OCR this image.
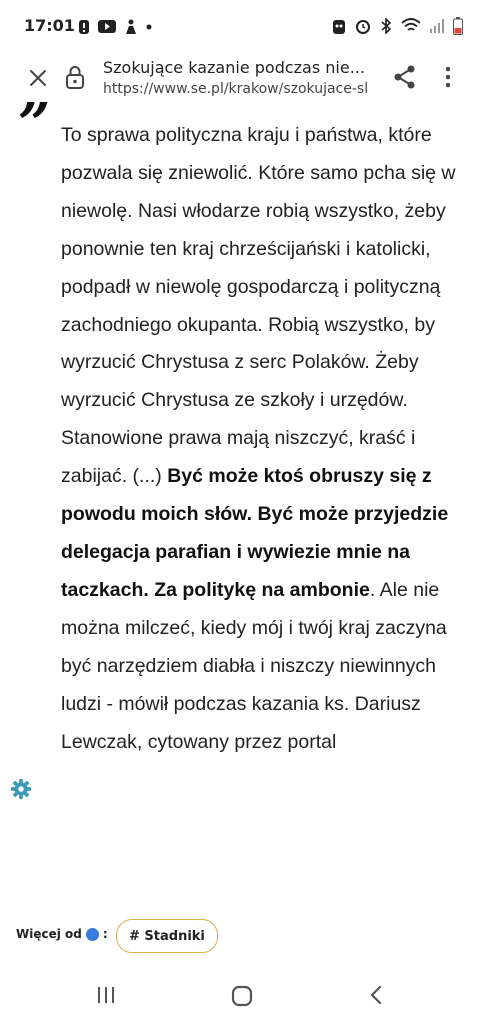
17:01
Szokujące kazanie podczas nie...
https://www.se.pl/krakow/szokujace-sl
” To sprawa polityczna kraju i państwa, które pozwala się zniewolić. Które samo pcha się w niewolę. Nasi włodarze robią wszystko, żeby ponownie ten kraj chrześcijański i katolicki, podpadł w niewolę gospodarczą i polityczną zachodniego okupanta. Robią wszystko, by wyrzucić Chrystusa z serc Polaków. Żeby wyrzucić Chrystusa ze szkoły i urzędów. Stanowione prawa mają niszczyć, kraść i zabijać. (...) Być może ktoś obruszy się z powodu moich słów. Być może przyjedzie delegacja parafian i wywiezie mnie na taczkach. Za politykę na ambonie. Ale nie można milczeć, kiedy mój i twój kraj zaczyna być narzędziem diabła i niszczy niewinnych ludzi - mówił podczas kazania ks. Dariusz Lewczak, cytowany przez portal

Więcej od :	# Stadniki
